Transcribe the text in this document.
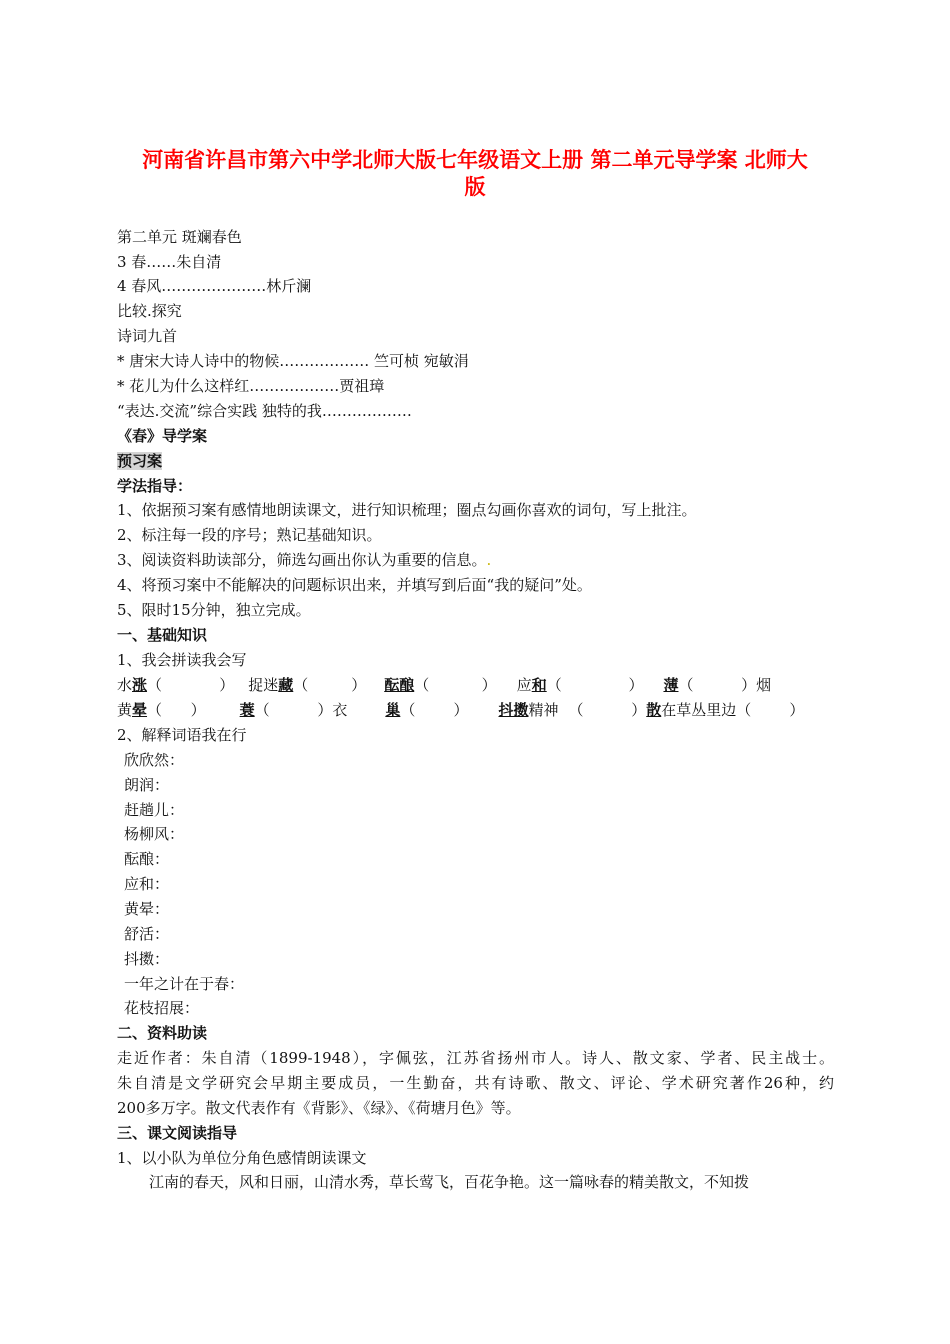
河南省许昌市第六中学北师大版七年级语文上册 第二单元导学案 北师大
版
第二单元 斑斓春色
3 春……朱自清
4 春风…………………林斤澜
比较.探究
诗词九首
* 唐宋大诗人诗中的物候……………… 竺可桢 宛敏涓
* 花儿为什么这样红………………贾祖璋
“表达.交流”综合实践 独特的我………………
《春》导学案
预习案
学法指导：
1、依据预习案有感情地朗读课文，进行知识梳理；圈点勾画你喜欢的词句，写上批注。
2、标注每一段的序号；熟记基础知识。
3、阅读资料助读部分，筛选勾画出你认为重要的信息。.
4、将预习案中不能解决的问题标识出来，并填写到后面“我的疑问”处。
5、限时15分钟，独立完成。
一、基础知识
1、我会拼读我会写
水 涨 （            ） 捉迷 藏 （         ） 酝酿 （           ） 应 和 （              ） 薄 （          ）烟
黄 晕 （      ） 蓑 （          ）衣	巢 （        ） 抖擞 精神 （          ） 散 在草丛里边（        ）
2、解释词语我在行
欣欣然：
朗润：
赶趟儿：
杨柳风：
酝酿：
应和：
黄晕：
舒活：
抖擞：
一年之计在于春：
花枝招展：
二、资料助读
走近作者：朱自清（1899-1948），字佩弦，江苏省扬州市人。诗人、散文家、学者、民主战士。
朱自清是文学研究会早期主要成员，一生勤奋，共有诗歌、散文、评论、学术研究著作26种，约
200多万字。散文代表作有《背影》、《绿》、《荷塘月色》等。
三、课文阅读指导
1、以小队为单位分角色感情朗读课文
江南的春天，风和日丽，山清水秀，草长莺飞，百花争艳。这一篇咏春的精美散文，不知拨
